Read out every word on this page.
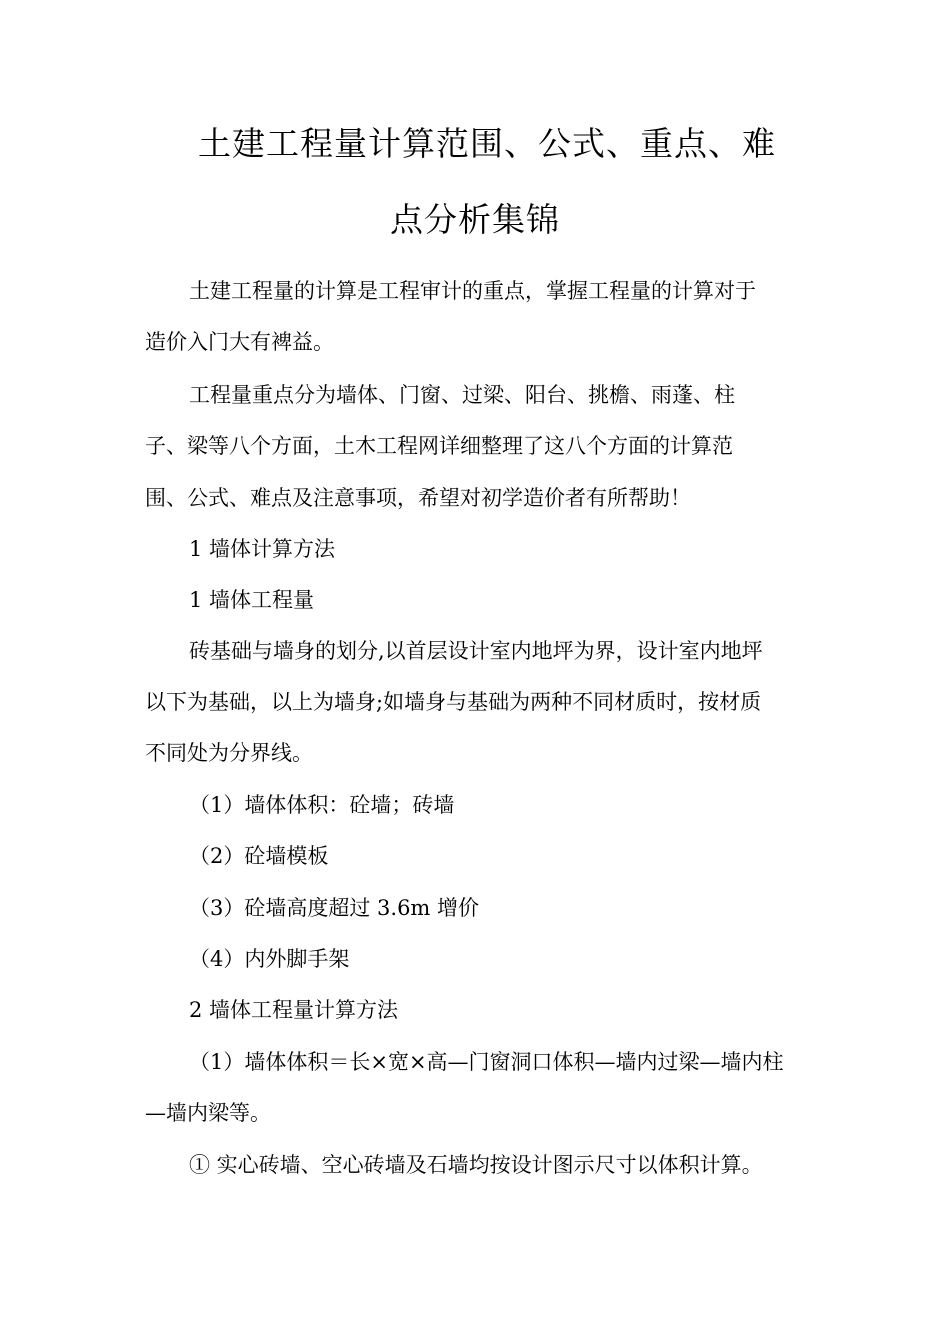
土建工程量计算范围、公式、重点、难
点分析集锦
土建工程量的计算是工程审计的重点，掌握工程量的计算对于
造价入门大有裨益。
工程量重点分为墙体、门窗、过梁、阳台、挑檐、雨蓬、柱
子、梁等八个方面，土木工程网详细整理了这八个方面的计算范
围、公式、难点及注意事项，希望对初学造价者有所帮助！
1 墙体计算方法
1 墙体工程量
砖基础与墙身的划分,以首层设计室内地坪为界，设计室内地坪
以下为基础，以上为墙身;如墙身与基础为两种不同材质时，按材质
不同处为分界线。
（1）墙体体积：砼墙；砖墙
（2）砼墙模板
（3）砼墙高度超过 3.6m 增价
（4）内外脚手架
2 墙体工程量计算方法
（1）墙体体积＝长×宽×高—门窗洞口体积—墙内过梁—墙内柱
—墙内梁等。
① 实心砖墙、空心砖墙及石墙均按设计图示尺寸以体积计算。
